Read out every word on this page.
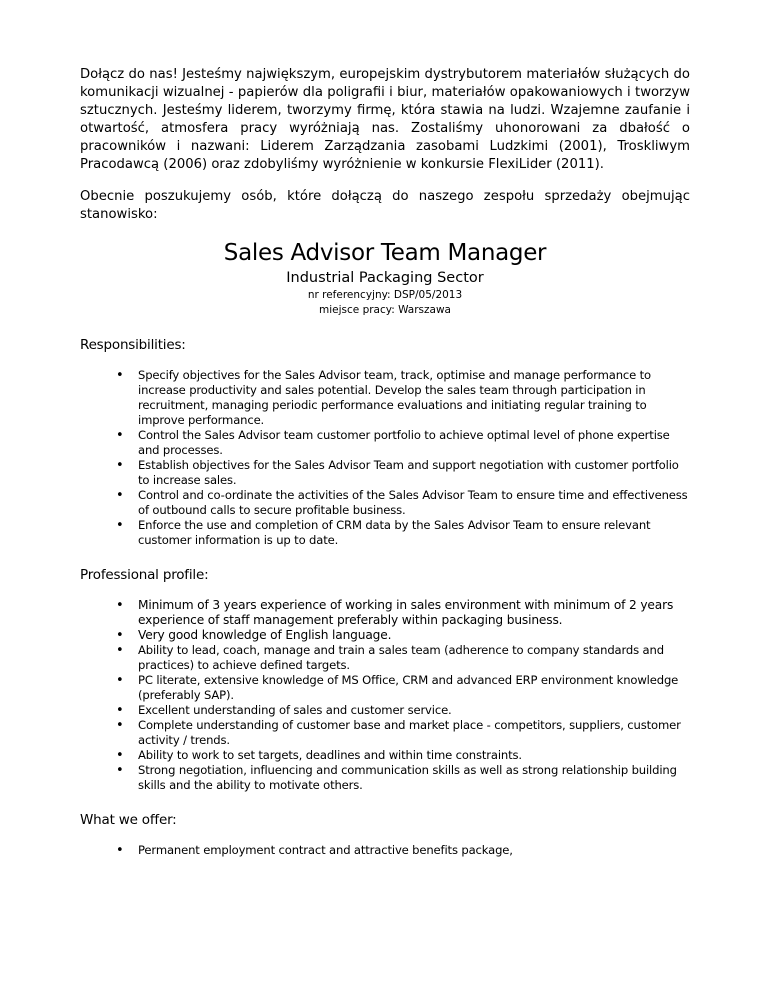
Dołącz do nas! Jesteśmy największym, europejskim dystrybutorem materiałów służących do komunikacji wizualnej - papierów dla poligrafii i biur, materiałów opakowaniowych i tworzyw sztucznych. Jesteśmy liderem, tworzymy firmę, która stawia na ludzi. Wzajemne zaufanie i otwartość, atmosfera pracy wyróżniają nas. Zostaliśmy uhonorowani za dbałość o pracowników i nazwani: Liderem Zarządzania zasobami Ludzkimi (2001), Troskliwym Pracodawcą (2006) oraz zdobyliśmy wyróżnienie w konkursie FlexiLider (2011).

Obecnie poszukujemy osób, które dołączą do naszego zespołu sprzedaży obejmując stanowisko:

Sales Advisor Team Manager

Industrial Packaging Sector

nr referencyjny: DSP/05/2013

miejsce pracy: Warszawa

Responsibilities:
• Specify objectives for the Sales Advisor team, track, optimise and manage performance to increase productivity and sales potential. Develop the sales team through participation in recruitment, managing periodic performance evaluations and initiating regular training to improve performance.
• Control the Sales Advisor team customer portfolio to achieve optimal level of phone expertise and processes.
• Establish objectives for the Sales Advisor Team and support negotiation with customer portfolio to increase sales.
• Control and co-ordinate the activities of the Sales Advisor Team to ensure time and effectiveness of outbound calls to secure profitable business.
• Enforce the use and completion of CRM data by the Sales Advisor Team to ensure relevant customer information is up to date.
Professional profile:
• Minimum of 3 years experience of working in sales environment with minimum of 2 years experience of staff management preferably within packaging business.
• Very good knowledge of English language.
• Ability to lead, coach, manage and train a sales team (adherence to company standards and practices) to achieve defined targets.
• PC literate, extensive knowledge of MS Office, CRM and advanced ERP environment knowledge (preferably SAP).
• Excellent understanding of sales and customer service.
• Complete understanding of customer base and market place - competitors, suppliers, customer activity / trends.
• Ability to work to set targets, deadlines and within time constraints.
• Strong negotiation, influencing and communication skills as well as strong relationship building skills and the ability to motivate others.
What we offer:
• Permanent employment contract and attractive benefits package,
